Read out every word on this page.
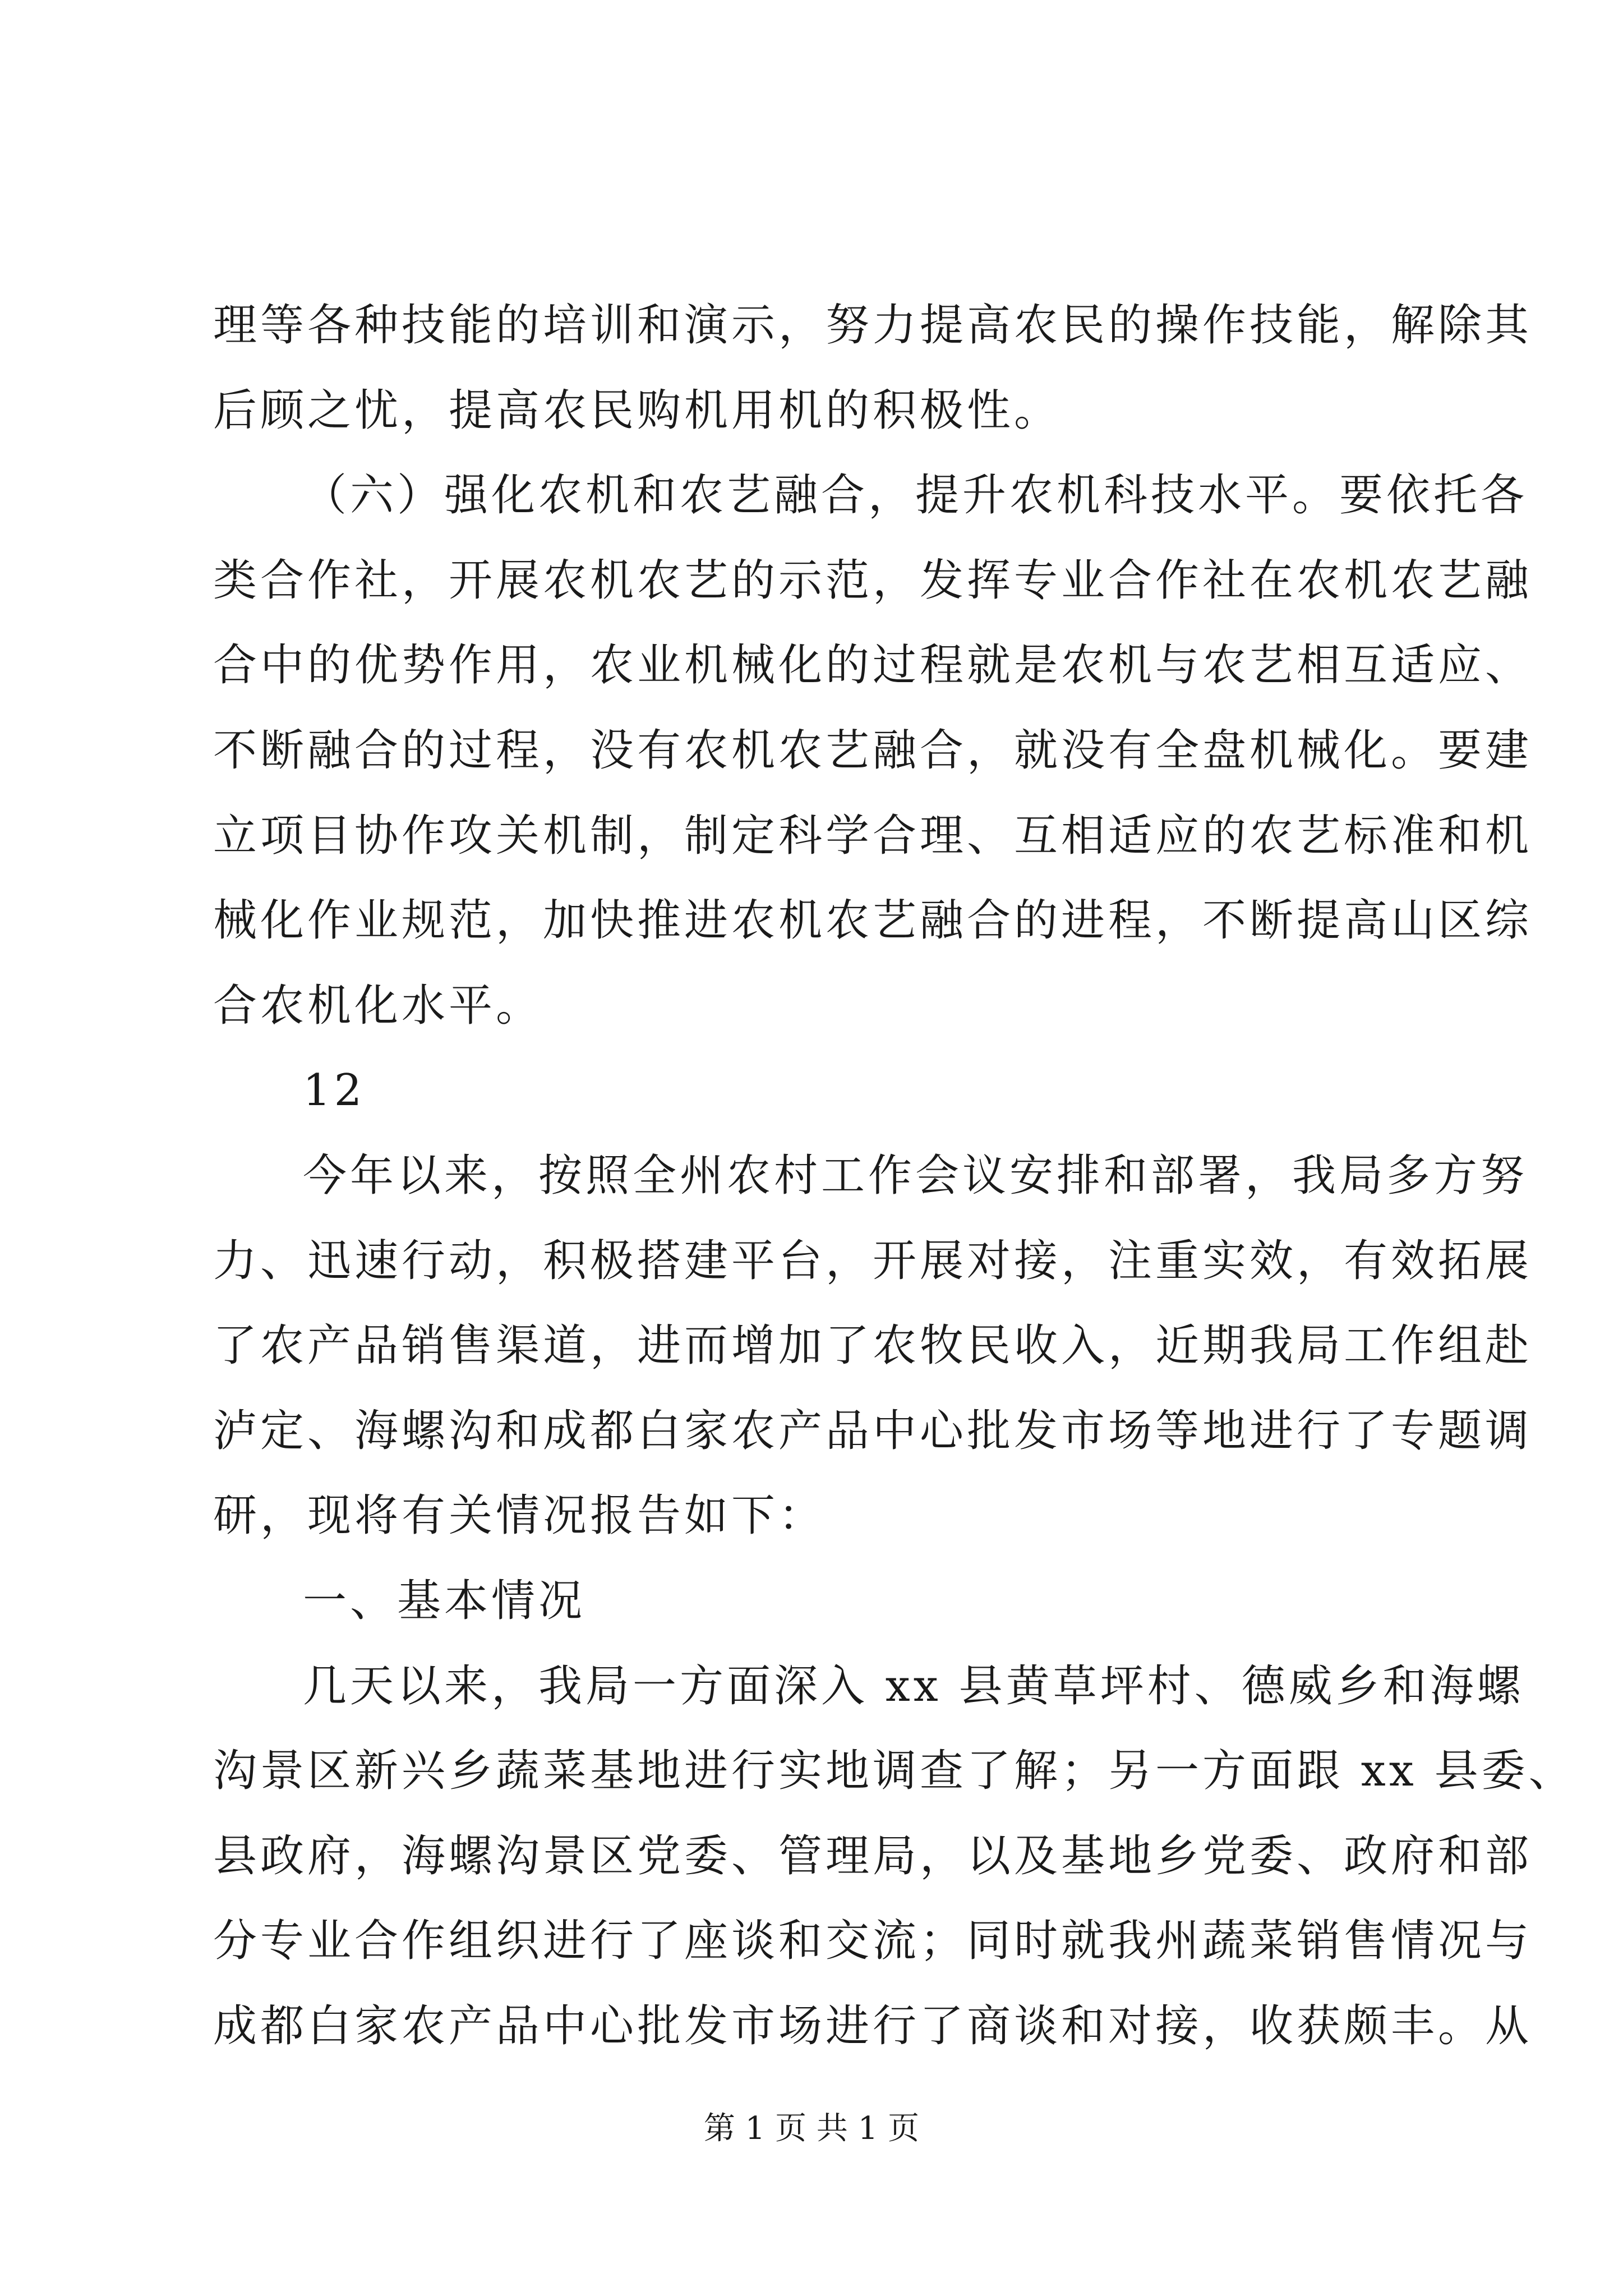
理等各种技能的培训和演示，努力提高农民的操作技能，解除其
后顾之忧，提高农民购机用机的积极性。
（六）强化农机和农艺融合，提升农机科技水平。要依托各
类合作社，开展农机农艺的示范，发挥专业合作社在农机农艺融
合中的优势作用，农业机械化的过程就是农机与农艺相互适应、
不断融合的过程，没有农机农艺融合，就没有全盘机械化。要建
立项目协作攻关机制，制定科学合理、互相适应的农艺标准和机
械化作业规范，加快推进农机农艺融合的进程，不断提高山区综
合农机化水平。
12
今年以来，按照全州农村工作会议安排和部署，我局多方努
力、迅速行动，积极搭建平台，开展对接，注重实效，有效拓展
了农产品销售渠道，进而增加了农牧民收入，近期我局工作组赴
泸定、海螺沟和成都白家农产品中心批发市场等地进行了专题调
研，现将有关情况报告如下：
一、基本情况
几天以来，我局一方面深入 xx 县黄草坪村、德威乡和海螺
沟景区新兴乡蔬菜基地进行实地调查了解；另一方面跟 xx 县委、
县政府，海螺沟景区党委、管理局，以及基地乡党委、政府和部
分专业合作组织进行了座谈和交流；同时就我州蔬菜销售情况与
成都白家农产品中心批发市场进行了商谈和对接，收获颇丰。从
第 1 页 共 1 页
